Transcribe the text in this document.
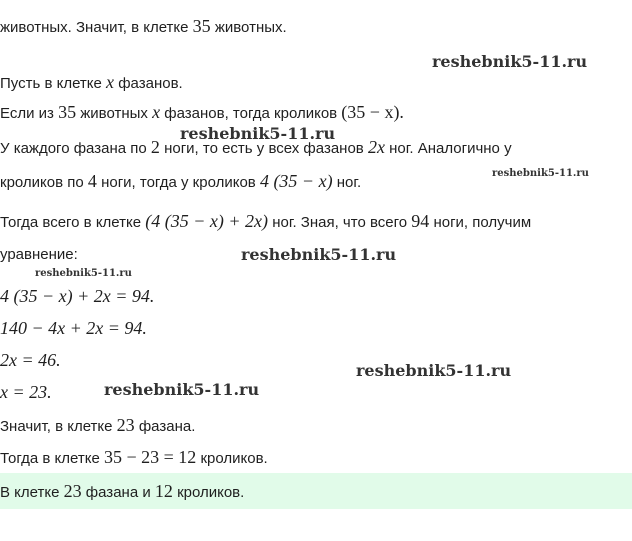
животных. Значит, в клетке 35 животных.
reshebnik5-11.ru
Пусть в клетке x фазанов.
Если из 35 животных x фазанов, тогда кроликов (35 − x).
reshebnik5-11.ru
У каждого фазана по 2 ноги, то есть у всех фазанов 2x ног. Аналогично у
reshebnik5-11.ru
кроликов по 4 ноги, тогда у кроликов 4 (35 − x) ног.
Тогда всего в клетке (4 (35 − x) + 2x) ног. Зная, что всего 94 ноги, получим
уравнение:	reshebnik5-11.ru
reshebnik5-11.ru
4 (35 − x) + 2x = 94.
140 − 4x + 2x = 94.
2x = 46.
reshebnik5-11.ru
x = 23.	reshebnik5-11.ru
Значит, в клетке 23 фазана.
Тогда в клетке 35 − 23 = 12 кроликов.
В клетке 23 фазана и 12 кроликов.
